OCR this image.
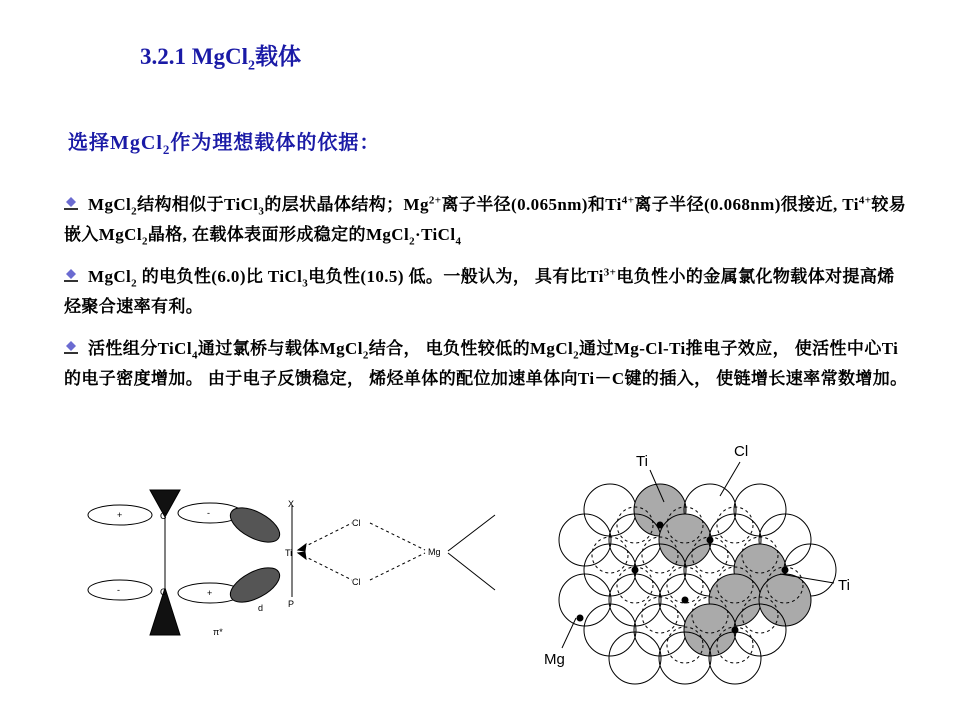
3.2.1 MgCl$_2$载体
选择MgCl$_2$作为理想载体的依据：
MgCl$_2$结构相似于TiCl$_3$的层状晶体结构；$Mg^{2+}$离子半径(0.065nm)和$Ti^{4+}$离子半径(0.068nm)很接近, $Ti^{4+}$较易嵌入MgCl$_2$晶格, 在载体表面形成稳定的MgCl$_2$·TiCl$_4$
MgCl$_2$ 的电负性(6.0)比 TiCl$_3$电负性(10.5) 低。一般认为， 具有比$Ti^{3+}$电负性小的金属氯化物载体对提高烯烃聚合速率有利。
活性组分TiCl$_4$通过氯桥与载体MgCl$_2$结合， 电负性较低的MgCl$_2$通过Mg-Cl-Ti推电子效应， 使活性中心Ti的电子密度增加。 由于电子反馈稳定， 烯烃单体的配位加速单体向Ti－C键的插入， 使链增长速率常数增加。
C
C
X
Ti
P
Cl
Cl
Mg
d
π*
+	-
-	+
Ti
Cl
Ti
Mg
